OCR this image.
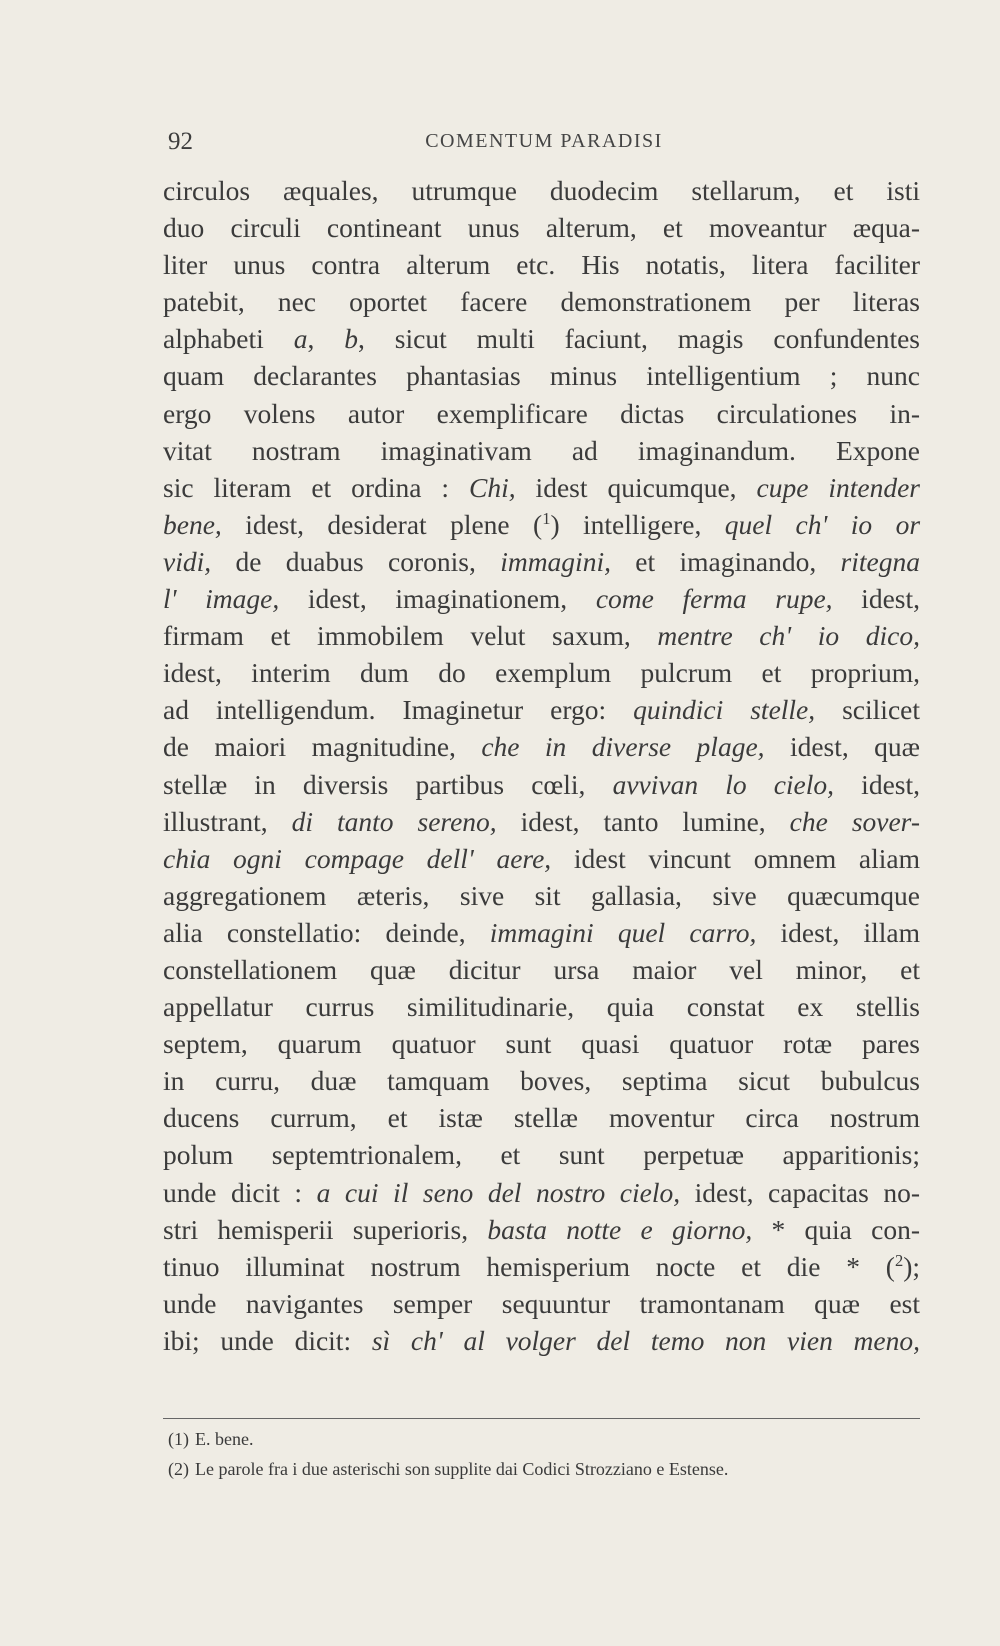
92	COMENTUM PARADISI
circulos æquales, utrumque duodecim stellarum, et isti
duo circuli contineant unus alterum, et moveantur æqua-
liter unus contra alterum etc. His notatis, litera faciliter
patebit, nec oportet facere demonstrationem per literas
alphabeti a, b, sicut multi faciunt, magis confundentes
quam declarantes phantasias minus intelligentium ; nunc
ergo volens autor exemplificare dictas circulationes in-
vitat nostram imaginativam ad imaginandum. Expone
sic literam et ordina : Chi, idest quicumque, cupe intender
bene, idest, desiderat plene ($^1$) intelligere, quel ch' io or
vidi, de duabus coronis, immagini, et imaginando, ritegna
l' image, idest, imaginationem, come ferma rupe, idest,
firmam et immobilem velut saxum, mentre ch' io dico,
idest, interim dum do exemplum pulcrum et proprium,
ad intelligendum. Imaginetur ergo: quindici stelle, scilicet
de maiori magnitudine, che in diverse plage, idest, quæ
stellæ in diversis partibus cœli, avvivan lo cielo, idest,
illustrant, di tanto sereno, idest, tanto lumine, che sover-
chia ogni compage dell' aere, idest vincunt omnem aliam
aggregationem æteris, sive sit gallasia, sive quæcumque
alia constellatio: deinde, immagini quel carro, idest, illam
constellationem quæ dicitur ursa maior vel minor, et
appellatur currus similitudinarie, quia constat ex stellis
septem, quarum quatuor sunt quasi quatuor rotæ pares
in curru, duæ tamquam boves, septima sicut bubulcus
ducens currum, et istæ stellæ moventur circa nostrum
polum septemtrionalem, et sunt perpetuæ apparitionis;
unde dicit : a cui il seno del nostro cielo, idest, capacitas no-
stri hemisperii superioris, basta notte e giorno, * quia con-
tinuo illuminat nostrum hemisperium nocte et die * ($^2$);
unde navigantes semper sequuntur tramontanam quæ est
ibi; unde dicit: sì ch' al volger del temo non vien meno,
(1) E. bene.
(2) Le parole fra i due asterischi son supplite dai Codici Strozziano e Estense.
